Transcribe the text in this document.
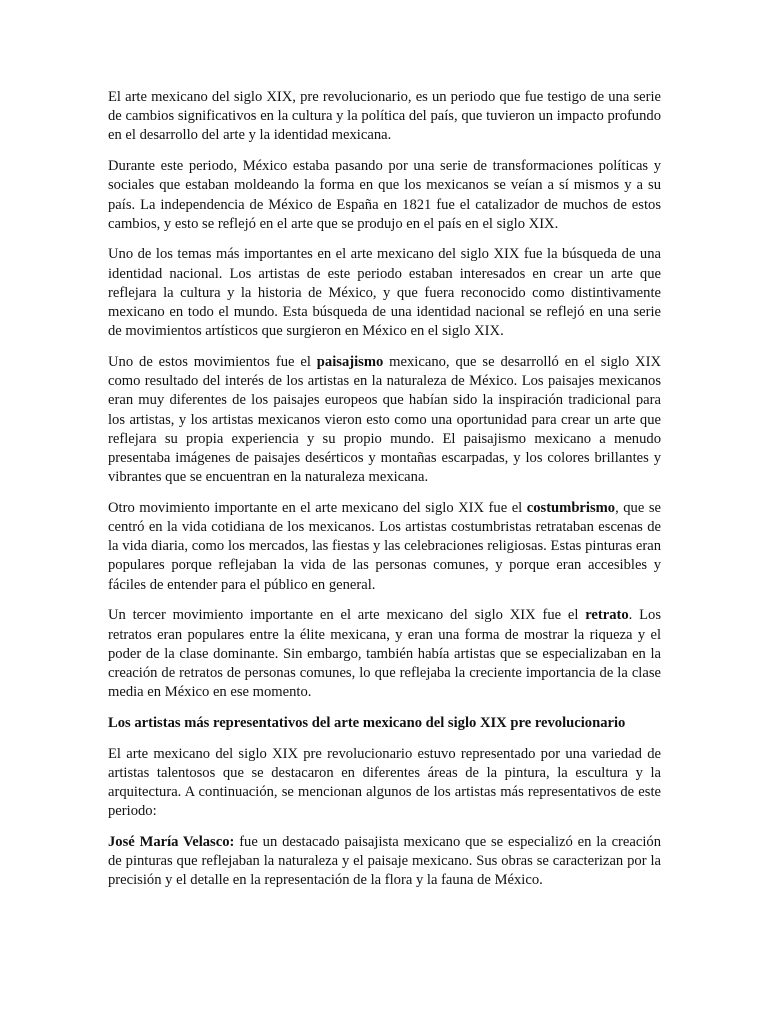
El arte mexicano del siglo XIX, pre revolucionario, es un periodo que fue testigo de una serie de cambios significativos en la cultura y la política del país, que tuvieron un impacto profundo en el desarrollo del arte y la identidad mexicana.

Durante este periodo, México estaba pasando por una serie de transformaciones políticas y sociales que estaban moldeando la forma en que los mexicanos se veían a sí mismos y a su país. La independencia de México de España en 1821 fue el catalizador de muchos de estos cambios, y esto se reflejó en el arte que se produjo en el país en el siglo XIX.

Uno de los temas más importantes en el arte mexicano del siglo XIX fue la búsqueda de una identidad nacional. Los artistas de este periodo estaban interesados en crear un arte que reflejara la cultura y la historia de México, y que fuera reconocido como distintivamente mexicano en todo el mundo. Esta búsqueda de una identidad nacional se reflejó en una serie de movimientos artísticos que surgieron en México en el siglo XIX.

Uno de estos movimientos fue el paisajismo mexicano, que se desarrolló en el siglo XIX como resultado del interés de los artistas en la naturaleza de México. Los paisajes mexicanos eran muy diferentes de los paisajes europeos que habían sido la inspiración tradicional para los artistas, y los artistas mexicanos vieron esto como una oportunidad para crear un arte que reflejara su propia experiencia y su propio mundo. El paisajismo mexicano a menudo presentaba imágenes de paisajes desérticos y montañas escarpadas, y los colores brillantes y vibrantes que se encuentran en la naturaleza mexicana.

Otro movimiento importante en el arte mexicano del siglo XIX fue el costumbrismo, que se centró en la vida cotidiana de los mexicanos. Los artistas costumbristas retrataban escenas de la vida diaria, como los mercados, las fiestas y las celebraciones religiosas. Estas pinturas eran populares porque reflejaban la vida de las personas comunes, y porque eran accesibles y fáciles de entender para el público en general.

Un tercer movimiento importante en el arte mexicano del siglo XIX fue el retrato. Los retratos eran populares entre la élite mexicana, y eran una forma de mostrar la riqueza y el poder de la clase dominante. Sin embargo, también había artistas que se especializaban en la creación de retratos de personas comunes, lo que reflejaba la creciente importancia de la clase media en México en ese momento.

Los artistas más representativos del arte mexicano del siglo XIX pre revolucionario

El arte mexicano del siglo XIX pre revolucionario estuvo representado por una variedad de artistas talentosos que se destacaron en diferentes áreas de la pintura, la escultura y la arquitectura. A continuación, se mencionan algunos de los artistas más representativos de este periodo:

José María Velasco: fue un destacado paisajista mexicano que se especializó en la creación de pinturas que reflejaban la naturaleza y el paisaje mexicano. Sus obras se caracterizan por la precisión y el detalle en la representación de la flora y la fauna de México.
